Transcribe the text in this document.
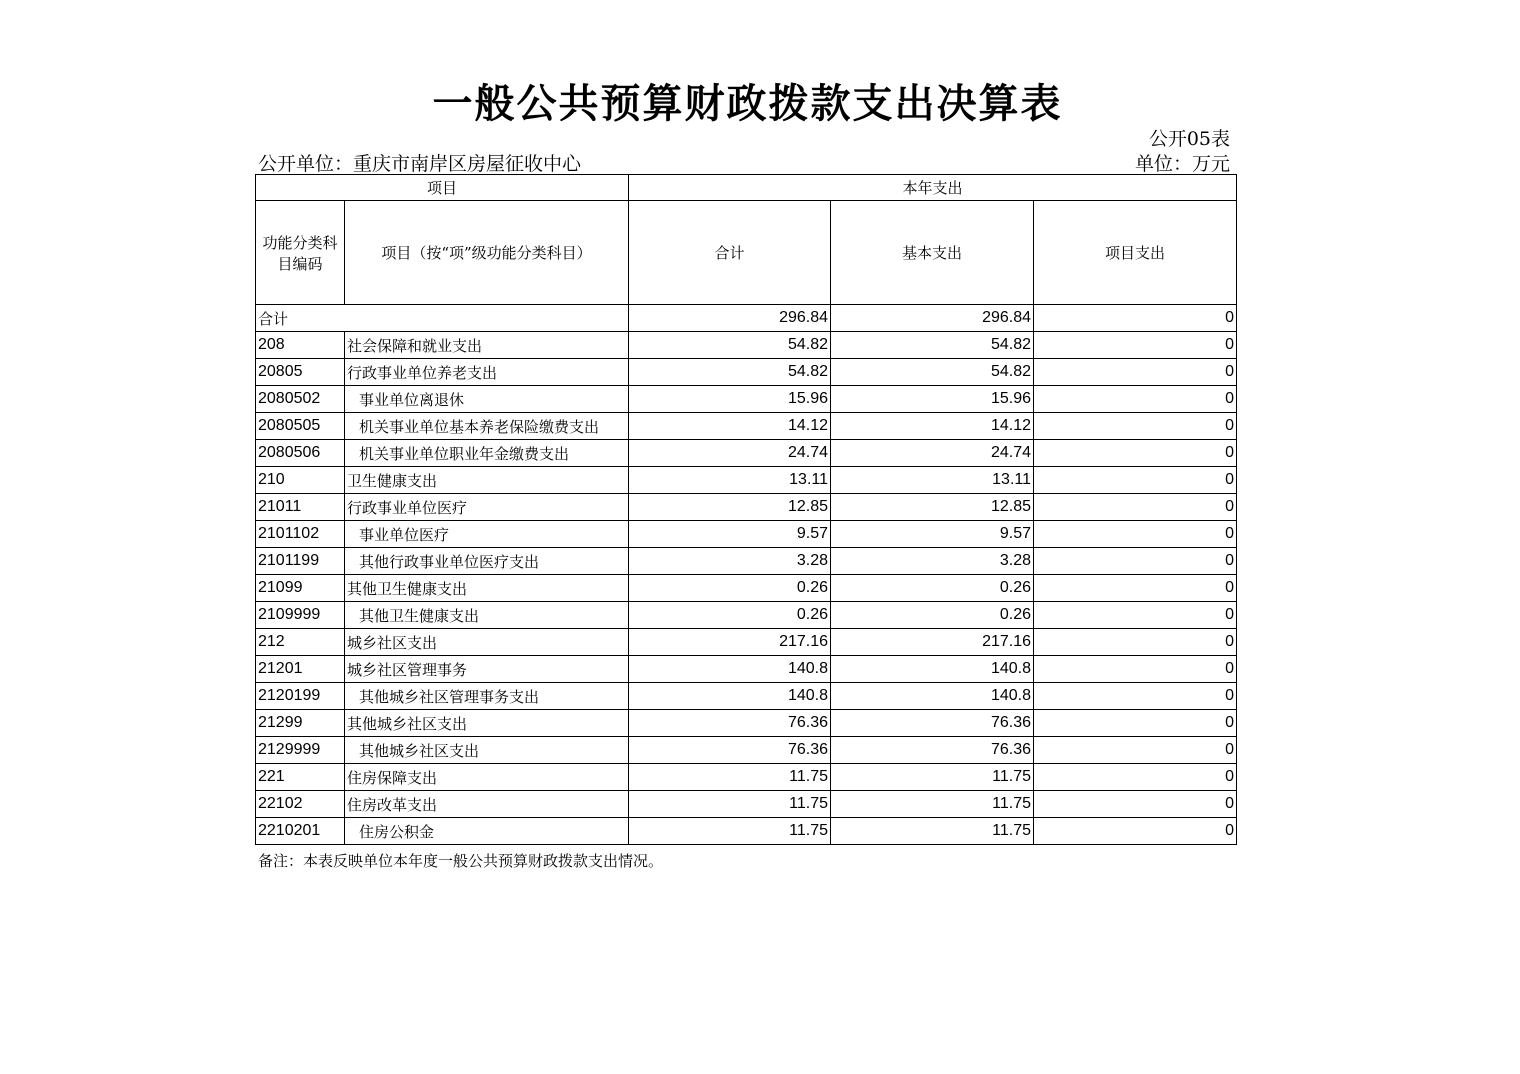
一般公共预算财政拨款支出决算表
公开05表
公开单位：重庆市南岸区房屋征收中心	单位：万元
项目		本年支出		
功能分类科目编码	项目（按“项”级功能分类科目）	合计	基本支出	项目支出
合计		296.84	296.84	0
208	社会保障和就业支出	54.82	54.82	0
20805	行政事业单位养老支出	54.82	54.82	0
2080502	事业单位离退休	15.96	15.96	0
2080505	机关事业单位基本养老保险缴费支出	14.12	14.12	0
2080506	机关事业单位职业年金缴费支出	24.74	24.74	0
210	卫生健康支出	13.11	13.11	0
21011	行政事业单位医疗	12.85	12.85	0
2101102	事业单位医疗	9.57	9.57	0
2101199	其他行政事业单位医疗支出	3.28	3.28	0
21099	其他卫生健康支出	0.26	0.26	0
2109999	其他卫生健康支出	0.26	0.26	0
212	城乡社区支出	217.16	217.16	0
21201	城乡社区管理事务	140.8	140.8	0
2120199	其他城乡社区管理事务支出	140.8	140.8	0
21299	其他城乡社区支出	76.36	76.36	0
2129999	其他城乡社区支出	76.36	76.36	0
221	住房保障支出	11.75	11.75	0
22102	住房改革支出	11.75	11.75	0
2210201	住房公积金	11.75	11.75	0
备注：本表反映单位本年度一般公共预算财政拨款支出情况。
